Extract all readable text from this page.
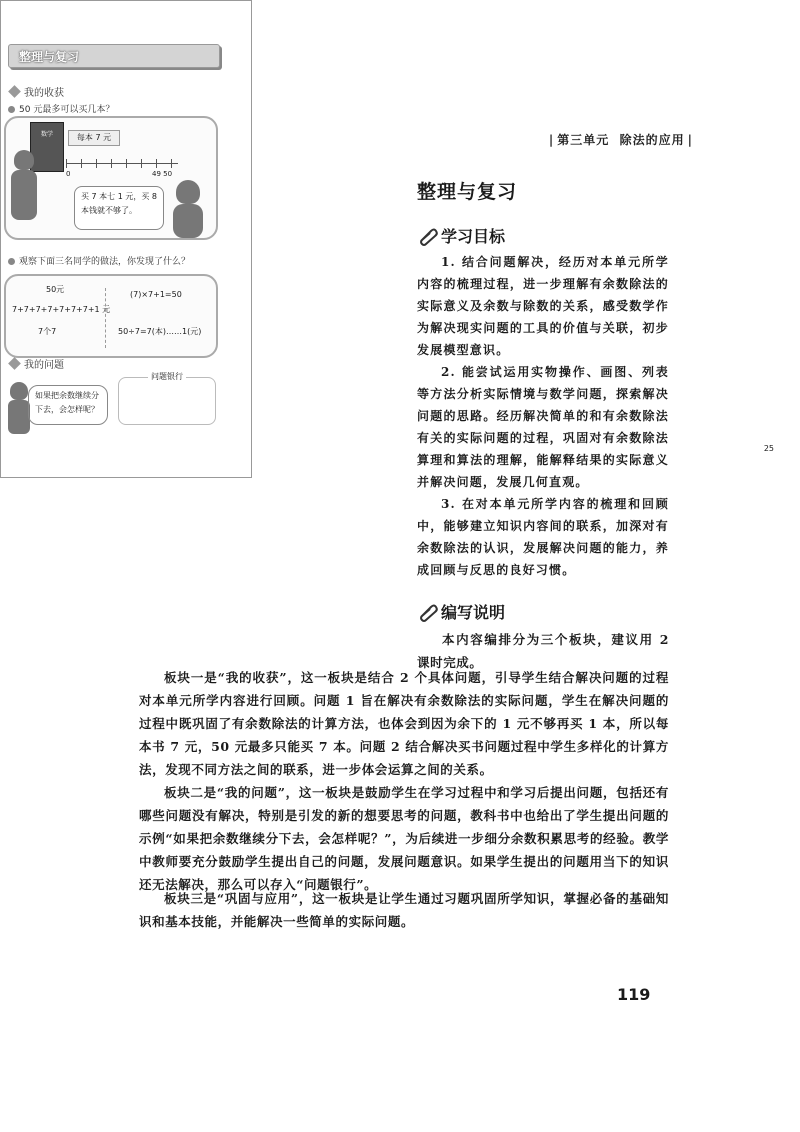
| 第三单元 除法的应用 |
整理与复习
我的收获
50 元最多可以买几本？
数学	每本 7 元
0	49 50
买 7 本七 1 元，买 8 本钱就不够了。
观察下面三名同学的做法，你发现了什么？
50元
7+7+7+7+7+7+7+1 元
7个7
(7)×7+1=50
50÷7=7(本)……1(元)
我的问题
如果把余数继续分下去，会怎样呢？
问题银行
25
整理与复习
学习目标
1. 结合问题解决，经历对本单元所学内容的梳理过程，进一步理解有余数除法的实际意义及余数与除数的关系，感受数学作为解决现实问题的工具的价值与关联，初步发展模型意识。
2. 能尝试运用实物操作、画图、列表等方法分析实际情境与数学问题，探索解决问题的思路。经历解决简单的和有余数除法有关的实际问题的过程，巩固对有余数除法算理和算法的理解，能解释结果的实际意义并解决问题，发展几何直观。
3. 在对本单元所学内容的梳理和回顾中，能够建立知识内容间的联系，加深对有余数除法的认识，发展解决问题的能力，养成回顾与反思的良好习惯。
编写说明
本内容编排分为三个板块，建议用 2 课时完成。
板块一是“我的收获”，这一板块是结合 2 个具体问题，引导学生结合解决问题的过程对本单元所学内容进行回顾。问题 1 旨在解决有余数除法的实际问题，学生在解决问题的过程中既巩固了有余数除法的计算方法，也体会到因为余下的 1 元不够再买 1 本，所以每本书 7 元，50 元最多只能买 7 本。问题 2 结合解决买书问题过程中学生多样化的计算方法，发现不同方法之间的联系，进一步体会运算之间的关系。
板块二是“我的问题”，这一板块是鼓励学生在学习过程中和学习后提出问题，包括还有哪些问题没有解决，特别是引发的新的想要思考的问题，教科书中也给出了学生提出问题的示例“如果把余数继续分下去，会怎样呢？”，为后续进一步细分余数积累思考的经验。教学中教师要充分鼓励学生提出自己的问题，发展问题意识。如果学生提出的问题用当下的知识还无法解决，那么可以存入“问题银行”。
板块三是“巩固与应用”，这一板块是让学生通过习题巩固所学知识，掌握必备的基础知识和基本技能，并能解决一些简单的实际问题。
119
